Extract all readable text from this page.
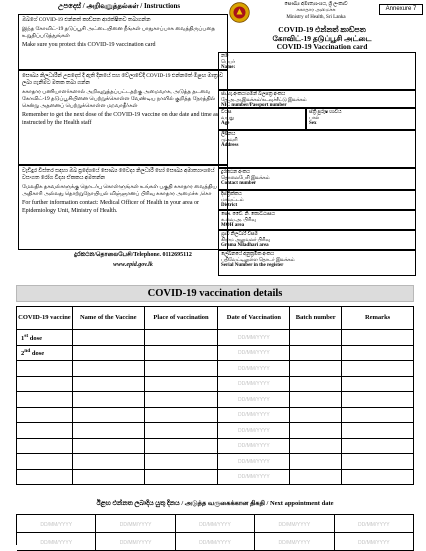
උපදෙස් / அறிவுறுத்தல்கள் / Instructions

ඔබගේ COVID-19 එන්නත් කාඩ්පත ආරක්ෂිතව තබාගන්න

இந்த கோவிட்-19 தடுப்பூசி அட்டையினை நீங்கள் பாதுகாப்பாக வைத்திருப்பதை உறுதிப்படுத்துங்கள்

Make sure you protect this COVID-19 vaccination card

සෞඛ්‍ය නිලධාරීන් උපදෙස් දී ඇති දිනයේ සහ වේලාවේදී COVID-19 එන්නතේ මීළඟ මාත්‍රාව ලබා ගැනීමට මතක තබා ගන්න

சுகாதார பணியாளர்களால் அறிவுறுத்தப்பட்டதற்கு அமைவாக, அடுத்த தடவை கோவிட்-19 தடுப்பூசியினை பெற்றுக்கொள்ள வேண்டிய நாளில் குறித்த நேரத்தில் சென்று அதனைப் பெற்றுக்கொள்ள மறவாதீர்கள்

Remember to get the next dose of the COVID-19 vaccine on due date and time as instructed by the Health staff

වැඩිදුර විස්තර සඳහා ඔබ ප්‍රදේශයේ සෞඛ්‍ය වෛද්‍ය නිලධාරී හෝ සෞඛ්‍ය අමාත්‍යාංශයේ වසංගත රෝග විද්‍යා ඒකකය අමතන්න

மேலதிக தகவல்களுக்கு தொடர்பு கொள்ளுங்கள் உங்கள் பகுதி சுகாதார வைத்திய அதிகாரி அல்லது தொற்றுநோயியல் விஞ்ஞானப் பிரிவு சுகாதார அமைச்சு ,கொ

For further information contact: Medical Officer of Health in your area or Epidemiology Unit, Ministry of Health.

දුරකථන/தொலைபேசி/Telephone. 0112695112
www.epid.gov.lk
සෞඛ්‍ය අමාත්‍යාංශය, ශ්‍රී ලංකාව
சுகாதார அமைச்சு
Ministry of Health, Sri Lanka
Annexure 7
COVID-19 එන්නත් කාඩ්පත
கோவிட்-19 தடுப்பூசி அட்டை
COVID-19 Vaccination card
නම
பெயர்
Name:
ජා.හැ.අංකය/ගමන් බලපත්‍ර අංකය
தே.அ.அ.இலக்கம்/கடவுச்சீட்டு இலக்கம்
NIC number/Passport number
වයස
வயது
Age
ස්ත්‍රී පුරුෂ භාවය
பால்
Sex
ලිපිනය
முகவரி
Address
දුරකථන අංකය
தொலைபேசி இலக்கம்
Contact number
දිස්ත්‍රික්කය
மாவட்டம்
District
සෞ. වෛ. නි. කොට්ඨාසය
சு.வை.அ. பிரிவு
MOH area
ග්‍රාම නිලධාරී වසම
கிராம அலுவலர் பிரிவு
Grama Niladhari area
ලේඛනයේ අනුක්‍රමික අංකය
பதிவேட்டிலுள்ள தொடர் இலக்கம்
Serial Number in the register
COVID-19 vaccination details
COVID-19 vaccine	Name of the Vaccine	Place of vaccination	Date of Vaccination	Batch number	Remarks
1st dose			DD/MM/YYYY		
2nd dose			DD/MM/YYYY		
			DD/MM/YYYY		
			DD/MM/YYYY		
			DD/MM/YYYY		
			DD/MM/YYYY		
			DD/MM/YYYY		
			DD/MM/YYYY		
			DD/MM/YYYY		
			DD/MM/YYYY		
ඊළඟ එන්නත ලබාදිය යුතු දිනය / அடுத்த வருகைக்கான திகதி / Next appointment date
DD/MM/YYYY	DD/MM/YYYY	DD/MM/YYYY	DD/MM/YYYY	DD/MM/YYYY
DD/MM/YYYY	DD/MM/YYYY	DD/MM/YYYY	DD/MM/YYYY	DD/MM/YYYY
